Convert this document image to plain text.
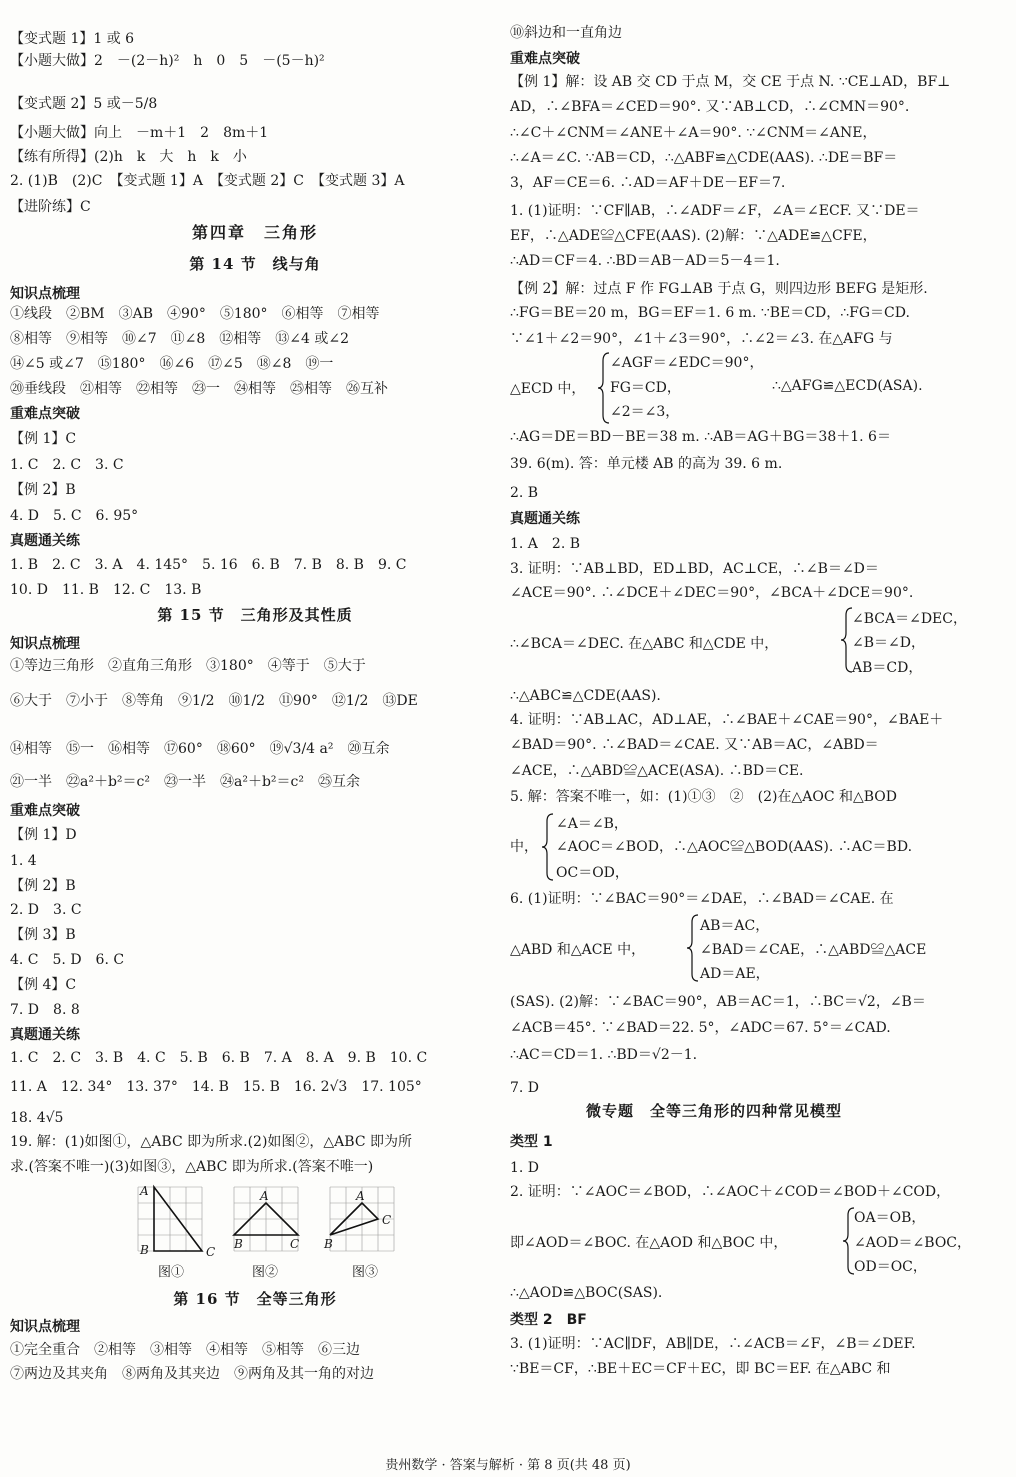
【变式题 1】1 或 6
【小题大做】2　－(2－h)²　h　0　5　－(5－h)²
【变式题 2】5 或－5/8
【小题大做】向上　－m＋1　2　8m＋1
【练有所得】(2)h　k　大　h　k　小
2. (1)B　(2)C　【变式题 1】A　【变式题 2】C　【变式题 3】A
【进阶练】C
第四章　三角形
第 14 节　线与角
知识点梳理
①线段　②BM　③AB　④90°　⑤180°　⑥相等　⑦相等
⑧相等　⑨相等　⑩∠7　⑪∠8　⑫相等　⑬∠4 或∠2
⑭∠5 或∠7　⑮180°　⑯∠6　⑰∠5　⑱∠8　⑲一
⑳垂线段　㉑相等　㉒相等　㉓一　㉔相等　㉕相等　㉖互补
重难点突破
【例 1】C
1. C　2. C　3. C
【例 2】B
4. D　5. C　6. 95°
真题通关练
1. B　2. C　3. A　4. 145°　5. 16　6. B　7. B　8. B　9. C
10. D　11. B　12. C　13. B
第 15 节　三角形及其性质
知识点梳理
①等边三角形　②直角三角形　③180°　④等于　⑤大于
⑥大于　⑦小于　⑧等角　⑨1/2　⑩1/2　⑪90°　⑫1/2　⑬DE
⑭相等　⑮一　⑯相等　⑰60°　⑱60°　⑲√3/4 a²　⑳互余
㉑一半　㉒a²＋b²＝c²　㉓一半　㉔a²＋b²＝c²　㉕互余
重难点突破
【例 1】D
1. 4
【例 2】B
2. D　3. C
【例 3】B
4. C　5. D　6. C
【例 4】C
7. D　8. 8
真题通关练
1. C　2. C　3. B　4. C　5. B　6. B　7. A　8. A　9. B　10. C
11. A　12. 34°　13. 37°　14. B　15. B　16. 2√3　17. 105°
18. 4√5
19. 解：(1)如图①，△ABC 即为所求.(2)如图②，△ABC 即为所
求.(答案不唯一)(3)如图③，△ABC 即为所求.(答案不唯一)
第 16 节　全等三角形
知识点梳理
①完全重合　②相等　③相等　④相等　⑤相等　⑥三边
⑦两边及其夹角　⑧两角及其夹边　⑨两角及其一角的对边
⑩斜边和一直角边
重难点突破
【例 1】解：设 AB 交 CD 于点 M，交 CE 于点 N. ∵CE⊥AD，BF⊥
AD，∴∠BFA＝∠CED＝90°. 又∵AB⊥CD，∴∠CMN＝90°.
∴∠C＋∠CNM＝∠ANE＋∠A＝90°. ∵∠CNM＝∠ANE，
∴∠A＝∠C. ∵AB＝CD，∴△ABF≌△CDE(AAS). ∴DE＝BF＝
3，AF＝CE＝6. ∴AD＝AF＋DE－EF＝7.
1. (1)证明：∵CF∥AB，∴∠ADF＝∠F，∠A＝∠ECF. 又∵DE＝
EF，∴△ADE≌△CFE(AAS). (2)解：∵△ADE≌△CFE，
∴AD＝CF＝4. ∴BD＝AB－AD＝5－4＝1.
【例 2】解：过点 F 作 FG⊥AB 于点 G，则四边形 BEFG 是矩形.
∴FG＝BE＝20 m，BG＝EF＝1. 6 m. ∵BE＝CD，∴FG＝CD.
∵∠1＋∠2＝90°，∠1＋∠3＝90°，∴∠2＝∠3. 在△AFG 与
∠AGF＝∠EDC＝90°，
△ECD 中， FG＝CD，	∴△AFG≌△ECD(ASA).
∠2＝∠3，
∴AG＝DE＝BD－BE＝38 m. ∴AB＝AG＋BG＝38＋1. 6＝
39. 6(m). 答：单元楼 AB 的高为 39. 6 m.
2. B
真题通关练
1. A　2. B
3. 证明：∵AB⊥BD，ED⊥BD，AC⊥CE，∴∠B＝∠D＝
∠ACE＝90°. ∴∠DCE＋∠DEC＝90°，∠BCA＋∠DCE＝90°.
∠BCA＝∠DEC，
∴∠BCA＝∠DEC. 在△ABC 和△CDE 中，	∠B＝∠D，
AB＝CD，
∴△ABC≌△CDE(AAS).
4. 证明：∵AB⊥AC，AD⊥AE，∴∠BAE＋∠CAE＝90°，∠BAE＋
∠BAD＝90°. ∴∠BAD＝∠CAE. 又∵AB＝AC，∠ABD＝
∠ACE，∴△ABD≌△ACE(ASA). ∴BD＝CE.
5. 解：答案不唯一，如：(1)①③　②　(2)在△AOC 和△BOD
∠A＝∠B，
中， ∠AOC＝∠BOD，∴△AOC≌△BOD(AAS). ∴AC＝BD.
OC＝OD，
6. (1)证明：∵∠BAC＝90°＝∠DAE，∴∠BAD＝∠CAE. 在
AB＝AC，
△ABD 和△ACE 中，	∠BAD＝∠CAE，∴△ABD≌△ACE
AD＝AE，
(SAS). (2)解：∵∠BAC＝90°，AB＝AC＝1，∴BC＝√2，∠B＝
∠ACB＝45°. ∵∠BAD＝22. 5°，∠ADC＝67. 5°＝∠CAD.
∴AC＝CD＝1. ∴BD＝√2－1.
7. D
微专题　全等三角形的四种常见模型
类型 1
1. D
2. 证明：∵∠AOC＝∠BOD，∴∠AOC＋∠COD＝∠BOD＋∠COD，
OA＝OB，
即∠AOD＝∠BOC. 在△AOD 和△BOC 中，	∠AOD＝∠BOC，
OD＝OC，
∴△AOD≌△BOC(SAS).
类型 2　BF
3. (1)证明：∵AC∥DF，AB∥DE，∴∠ACB＝∠F，∠B＝∠DEF.
∵BE＝CF，∴BE＋EC＝CF＋EC，即 BC＝EF. 在△ABC 和
A
B	C
图①
A
B	C
图②
A
B
C
图③
贵州数学 · 答案与解析 · 第 8 页(共 48 页)
